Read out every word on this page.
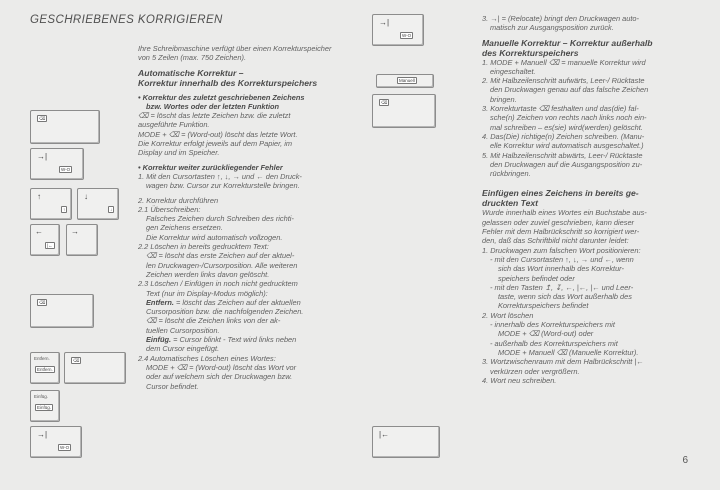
GESCHRIEBENES KORRIGIEREN
⌫
→|
W-O
↑
↑
↓
↓
←
|←
→
⌫
Entfern.
Entfern.
⌫
Einfüg.
Einfüg.
→|
W-O

Ihre Schreibmaschine verfügt über einen Korrekturspeicher von 5 Zeilen (max. 750 Zeichen).

Automatische Korrektur –
Korrektur innerhalb des Korrekturspeichers

• Korrektur des zuletzt geschriebenen Zeichens

bzw. Wortes oder der letzten Funktion

⌫ = löscht das letzte Zeichen bzw. die zuletzt

ausgeführte Funktion.

MODE + ⌫ = (Word-out) löscht das letzte Wort.

Die Korrektur erfolgt jeweils auf dem Papier, im

Display und im Speicher.

• Korrektur weiter zurückliegender Fehler

1. Mit den Cursortasten ↑, ↓, → und ← den Druck-

wagen bzw. Cursor zur Korrekturstelle bringen.

2. Korrektur durchführen

2.1 Überschreiben:

Falsches Zeichen durch Schreiben des richti-

gen Zeichens ersetzen.

Die Korrektur wird automatisch vollzogen.

2.2 Löschen in bereits gedrucktem Text:

⌫ = löscht das erste Zeichen auf der aktuel-

len Druckwagen-/Cursorposition. Alle weiteren

Zeichen werden links davon gelöscht.

2.3 Löschen / Einfügen in noch nicht gedrucktem

Text (nur im Display-Modus möglich):

Entfern. = löscht das Zeichen auf der aktuellen

Cursorposition bzw. die nachfolgenden Zeichen.

⌫ = löscht die Zeichen links von der ak-

tuellen Cursorposition.

Einfüg. = Cursor blinkt - Text wird links neben

dem Cursor eingefügt.

2.4 Automatisches Löschen eines Wortes:

MODE + ⌫ = (Word-out) löscht das Wort vor

oder auf welchem sich der Druckwagen bzw.

Cursor befindet.

→|
W-O
Manuell
⌫
|←

3. →| = (Relocate) bringt den Druckwagen auto-

matisch zur Ausgangsposition zurück.

Manuelle Korrektur – Korrektur außerhalb
des Korrekturspeichers

1. MODE + Manuell ⌫ = manuelle Korrektur wird

eingeschaltet.

2. Mit Halbzeilenschritt aufwärts, Leer-/ Rücktaste

den Druckwagen genau auf das falsche Zeichen

bringen.

3. Korrekturtaste ⌫ festhalten und das(die) fal-

sche(n) Zeichen von rechts nach links noch ein-

mal schreiben – es(sie) wird(werden) gelöscht.

4. Das(Die) richtige(n) Zeichen schreiben. (Manu-

elle Korrektur wird automatisch ausgeschaltet.)

5. Mit Halbzeilenschritt abwärts, Leer-/ Rücktaste

den Druckwagen auf die Ausgangsposition zu-

rückbringen.

Einfügen eines Zeichens in bereits ge-
druckten Text

Wurde innerhalb eines Wortes ein Buchstabe aus-

gelassen oder zuviel geschrieben, kann dieser

Fehler mit dem Halbrückschritt so korrigiert wer-

den, daß das Schriftbild nicht darunter leidet:

1. Druckwagen zum falschen Wort positionieren:

- mit den Cursortasten ↑, ↓, → und ←, wenn

sich das Wort innerhalb des Korrektur-

speichers befindet oder

- mit den Tasten ↥, ↧, ←, |←, |← und Leer-

taste, wenn sich das Wort außerhalb des

Korrekturspeichers befindet

2. Wort löschen

- innerhalb des Korrekturspeichers mit

MODE + ⌫ (Word-out) oder

- außerhalb des Korrekturspeichers mit

MODE + Manuell ⌫ (Manuelle Korrektur).

3. Wortzwischenraum mit dem Halbrückschritt |←

verkürzen oder vergrößern.

4. Wort neu schreiben.

6
